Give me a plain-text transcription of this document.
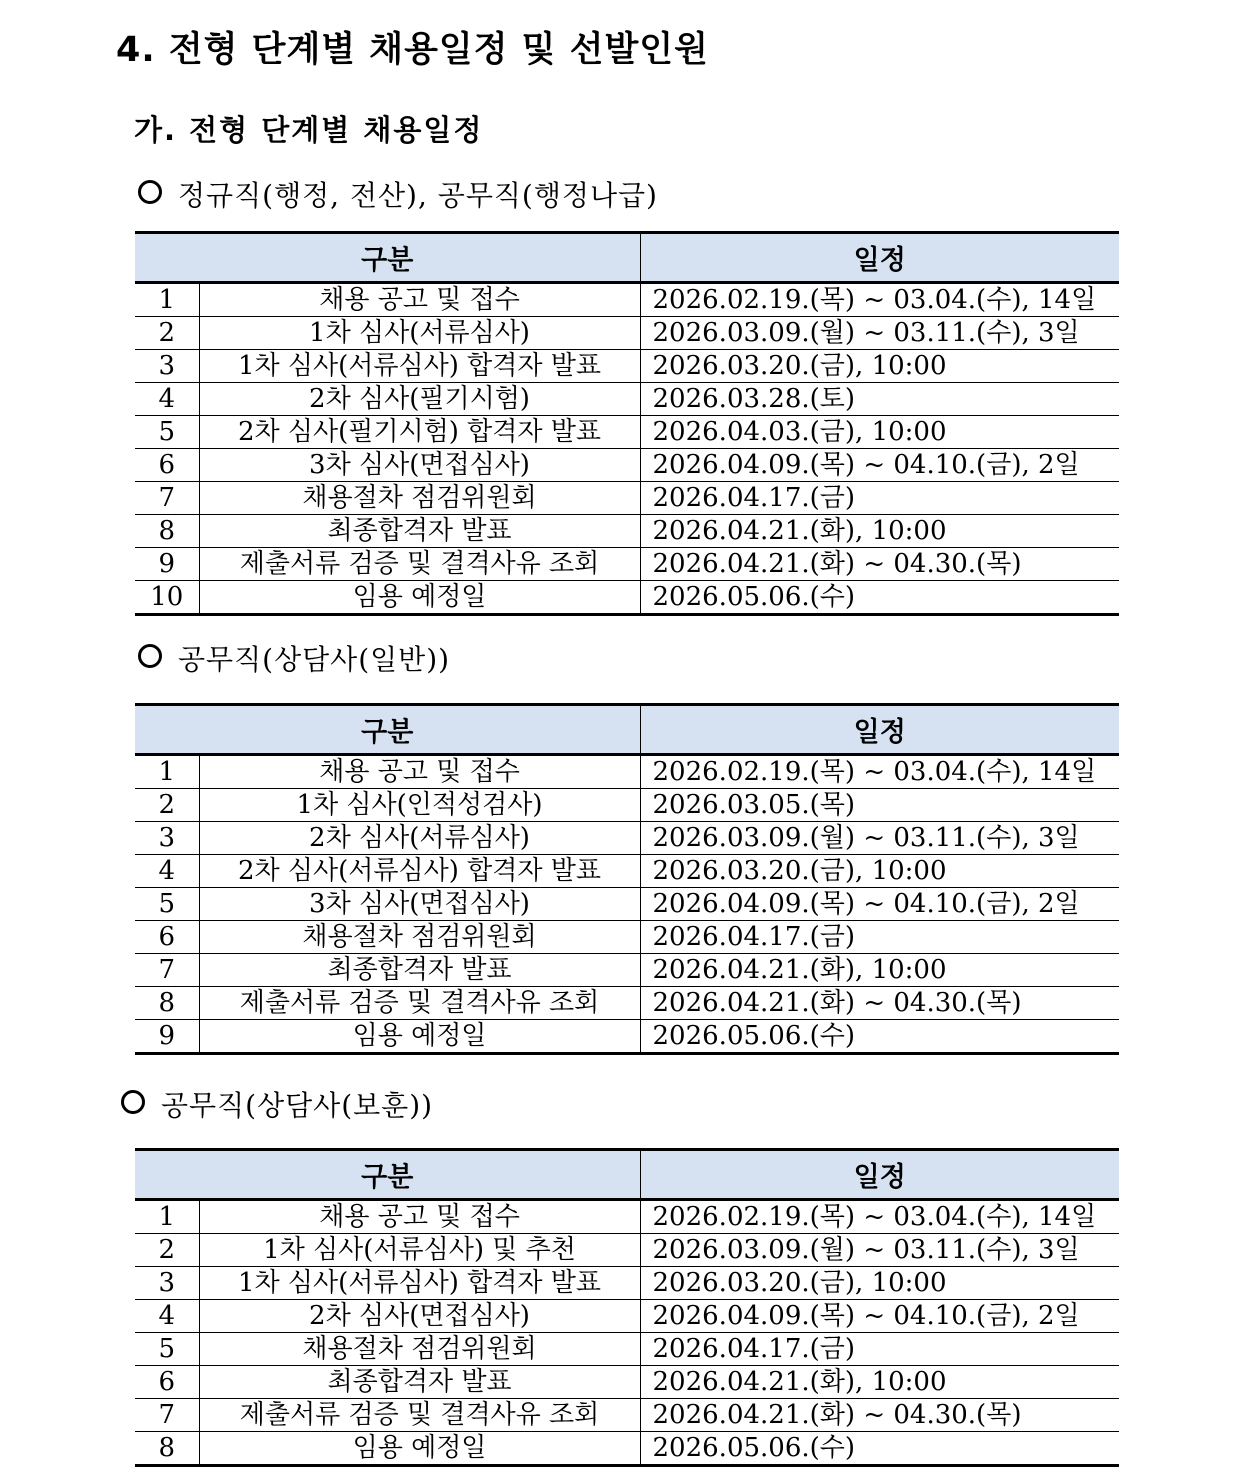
4. 전형 단계별 채용일정 및 선발인원
가. 전형 단계별 채용일정
정규직(행정, 전산), 공무직(행정나급)
구분		일정
1	채용 공고 및 접수	2026.02.19.(목) ~ 03.04.(수), 14일
2	1차 심사(서류심사)	2026.03.09.(월) ~ 03.11.(수), 3일
3	1차 심사(서류심사) 합격자 발표	2026.03.20.(금), 10:00
4	2차 심사(필기시험)	2026.03.28.(토)
5	2차 심사(필기시험) 합격자 발표	2026.04.03.(금), 10:00
6	3차 심사(면접심사)	2026.04.09.(목) ~ 04.10.(금), 2일
7	채용절차 점검위원회	2026.04.17.(금)
8	최종합격자 발표	2026.04.21.(화), 10:00
9	제출서류 검증 및 결격사유 조회	2026.04.21.(화) ~ 04.30.(목)
10	임용 예정일	2026.05.06.(수)
공무직(상담사(일반))
구분		일정
1	채용 공고 및 접수	2026.02.19.(목) ~ 03.04.(수), 14일
2	1차 심사(인적성검사)	2026.03.05.(목)
3	2차 심사(서류심사)	2026.03.09.(월) ~ 03.11.(수), 3일
4	2차 심사(서류심사) 합격자 발표	2026.03.20.(금), 10:00
5	3차 심사(면접심사)	2026.04.09.(목) ~ 04.10.(금), 2일
6	채용절차 점검위원회	2026.04.17.(금)
7	최종합격자 발표	2026.04.21.(화), 10:00
8	제출서류 검증 및 결격사유 조회	2026.04.21.(화) ~ 04.30.(목)
9	임용 예정일	2026.05.06.(수)
공무직(상담사(보훈))
구분		일정
1	채용 공고 및 접수	2026.02.19.(목) ~ 03.04.(수), 14일
2	1차 심사(서류심사) 및 추천	2026.03.09.(월) ~ 03.11.(수), 3일
3	1차 심사(서류심사) 합격자 발표	2026.03.20.(금), 10:00
4	2차 심사(면접심사)	2026.04.09.(목) ~ 04.10.(금), 2일
5	채용절차 점검위원회	2026.04.17.(금)
6	최종합격자 발표	2026.04.21.(화), 10:00
7	제출서류 검증 및 결격사유 조회	2026.04.21.(화) ~ 04.30.(목)
8	임용 예정일	2026.05.06.(수)
